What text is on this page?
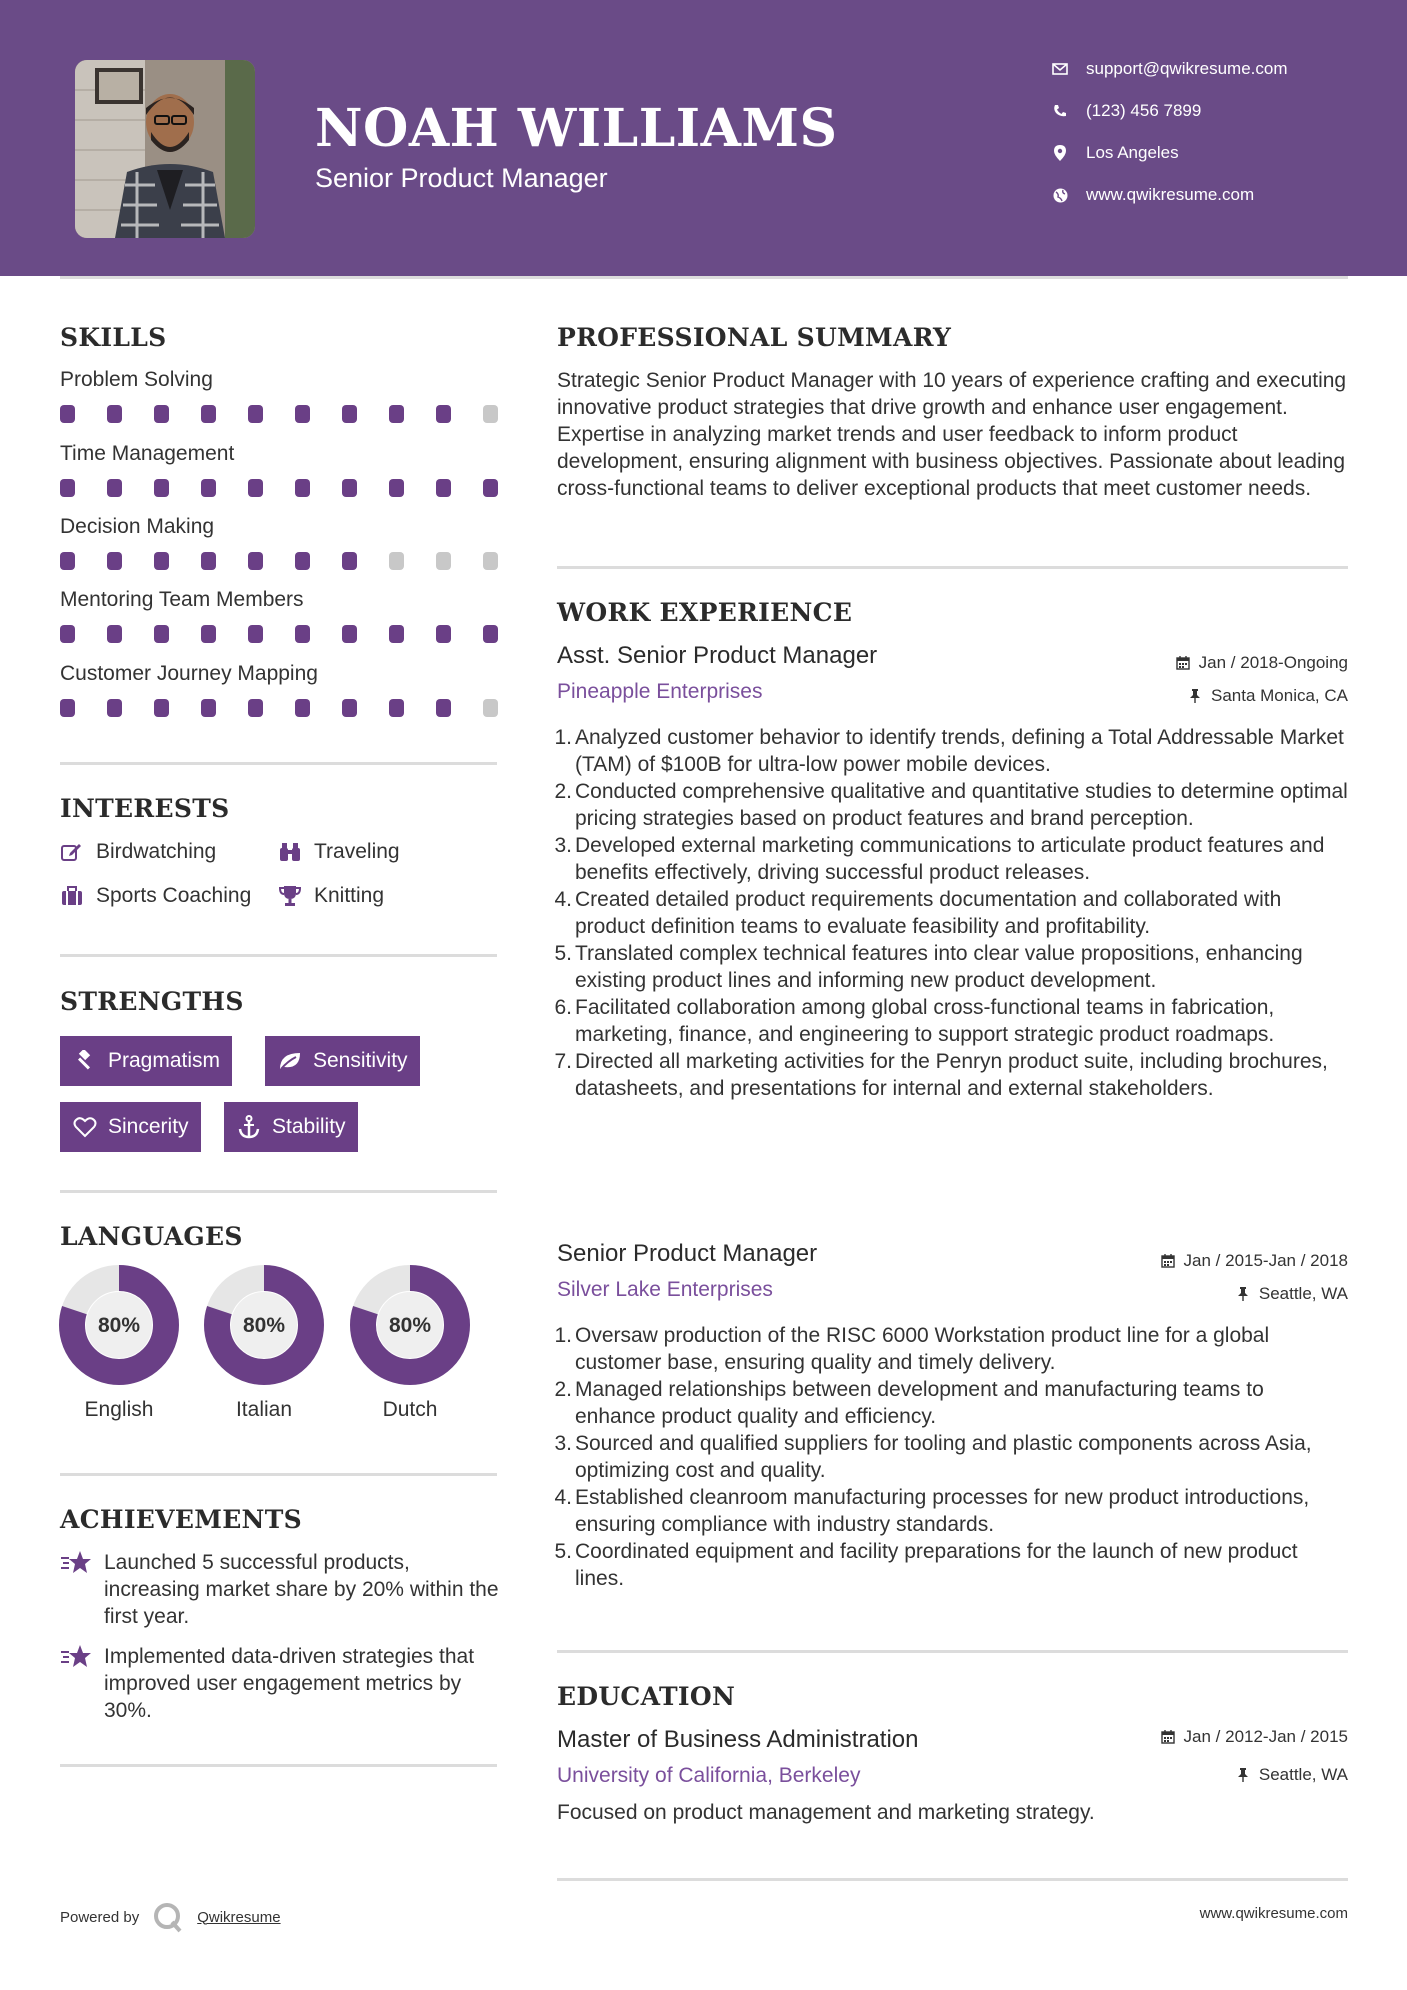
NOAH WILLIAMS
Senior Product Manager
support@qwikresume.com
(123) 456 7899
Los Angeles
www.qwikresume.com
SKILLS
Problem Solving
Time Management
Decision Making
Mentoring Team Members
Customer Journey Mapping
INTERESTS
Birdwatching	Traveling
Sports Coaching	Knitting
STRENGTHS
Pragmatism	Sensitivity
Sincerity	Stability
LANGUAGES
80%
English
80%
Italian
80%
Dutch
ACHIEVEMENTS
Launched 5 successful products, increasing market share by 20% within the first year.
Implemented data-driven strategies that improved user engagement metrics by 30%.
PROFESSIONAL SUMMARY
Strategic Senior Product Manager with 10 years of experience crafting and executing innovative product strategies that drive growth and enhance user engagement. Expertise in analyzing market trends and user feedback to inform product development, ensuring alignment with business objectives. Passionate about leading cross-functional teams to deliver exceptional products that meet customer needs.
WORK EXPERIENCE
Asst. Senior Product Manager	Jan / 2018-Ongoing
Pineapple Enterprises	Santa Monica, CA
1. Analyzed customer behavior to identify trends, defining a Total Addressable Market (TAM) of $100B for ultra-low power mobile devices.
2. Conducted comprehensive qualitative and quantitative studies to determine optimal pricing strategies based on product features and brand perception.
3. Developed external marketing communications to articulate product features and benefits effectively, driving successful product releases.
4. Created detailed product requirements documentation and collaborated with product definition teams to evaluate feasibility and profitability.
5. Translated complex technical features into clear value propositions, enhancing existing product lines and informing new product development.
6. Facilitated collaboration among global cross-functional teams in fabrication, marketing, finance, and engineering to support strategic product roadmaps.
7. Directed all marketing activities for the Penryn product suite, including brochures, datasheets, and presentations for internal and external stakeholders.
Senior Product Manager	Jan / 2015-Jan / 2018
Silver Lake Enterprises	Seattle, WA
1. Oversaw production of the RISC 6000 Workstation product line for a global customer base, ensuring quality and timely delivery.
2. Managed relationships between development and manufacturing teams to enhance product quality and efficiency.
3. Sourced and qualified suppliers for tooling and plastic components across Asia, optimizing cost and quality.
4. Established cleanroom manufacturing processes for new product introductions, ensuring compliance with industry standards.
5. Coordinated equipment and facility preparations for the launch of new product lines.
EDUCATION
Master of Business Administration	Jan / 2012-Jan / 2015
University of California, Berkeley	Seattle, WA
Focused on product management and marketing strategy.
Powered by	Qwikresume	www.qwikresume.com
